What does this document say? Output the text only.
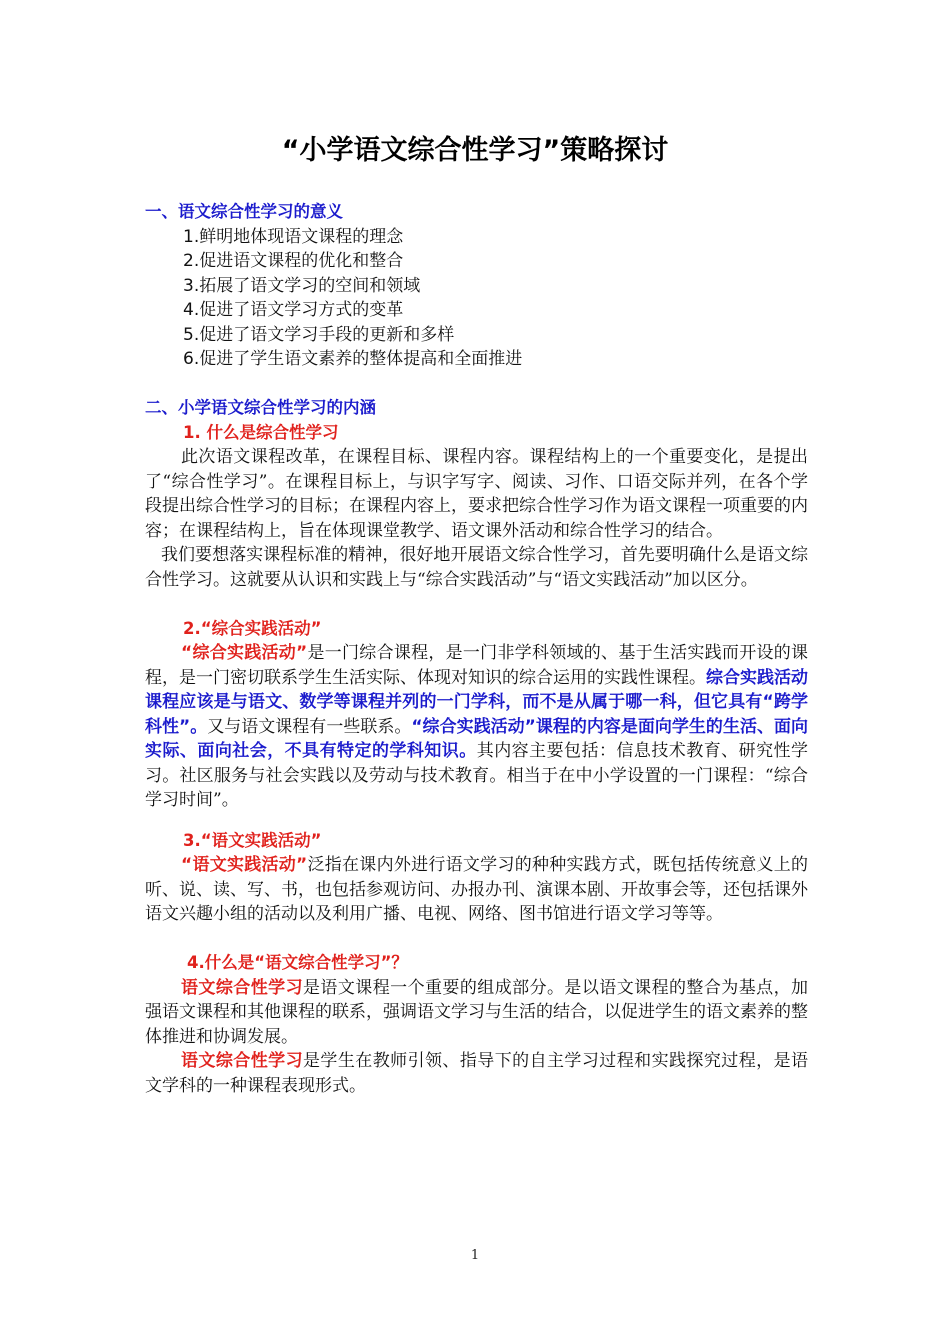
“小学语文综合性学习”策略探讨
一、语文综合性学习的意义
1.鲜明地体现语文课程的理念
2.促进语文课程的优化和整合
3.拓展了语文学习的空间和领域
4.促进了语文学习方式的变革
5.促进了语文学习手段的更新和多样
6.促进了学生语文素养的整体提高和全面推进
二、小学语文综合性学习的内涵
1. 什么是综合性学习
此次语文课程改革，在课程目标、课程内容。课程结构上的一个重要变化，是提出了“综合性学习”。在课程目标上，与识字写字、阅读、习作、口语交际并列，在各个学段提出综合性学习的目标；在课程内容上，要求把综合性学习作为语文课程一项重要的内容；在课程结构上，旨在体现课堂教学、语文课外活动和综合性学习的结合。
我们要想落实课程标准的精神，很好地开展语文综合性学习，首先要明确什么是语文综合性学习。这就要从认识和实践上与“综合实践活动”与“语文实践活动”加以区分。
2.“综合实践活动”
“综合实践活动”是一门综合课程，是一门非学科领域的、基于生活实践而开设的课程，是一门密切联系学生生活实际、体现对知识的综合运用的实践性课程。综合实践活动课程应该是与语文、数学等课程并列的一门学科，而不是从属于哪一科，但它具有“跨学科性”。又与语文课程有一些联系。“综合实践活动”课程的内容是面向学生的生活、面向实际、面向社会，不具有特定的学科知识。其内容主要包括：信息技术教育、研究性学习。社区服务与社会实践以及劳动与技术教育。相当于在中小学设置的一门课程：“综合学习时间”。
3.“语文实践活动”
“语文实践活动”泛指在课内外进行语文学习的种种实践方式，既包括传统意义上的听、说、读、写、书，也包括参观访问、办报办刊、演课本剧、开故事会等，还包括课外语文兴趣小组的活动以及利用广播、电视、网络、图书馆进行语文学习等等。
4.什么是“语文综合性学习”？
语文综合性学习是语文课程一个重要的组成部分。是以语文课程的整合为基点，加强语文课程和其他课程的联系，强调语文学习与生活的结合，以促进学生的语文素养的整体推进和协调发展。
语文综合性学习是学生在教师引领、指导下的自主学习过程和实践探究过程，是语文学科的一种课程表现形式。
1
